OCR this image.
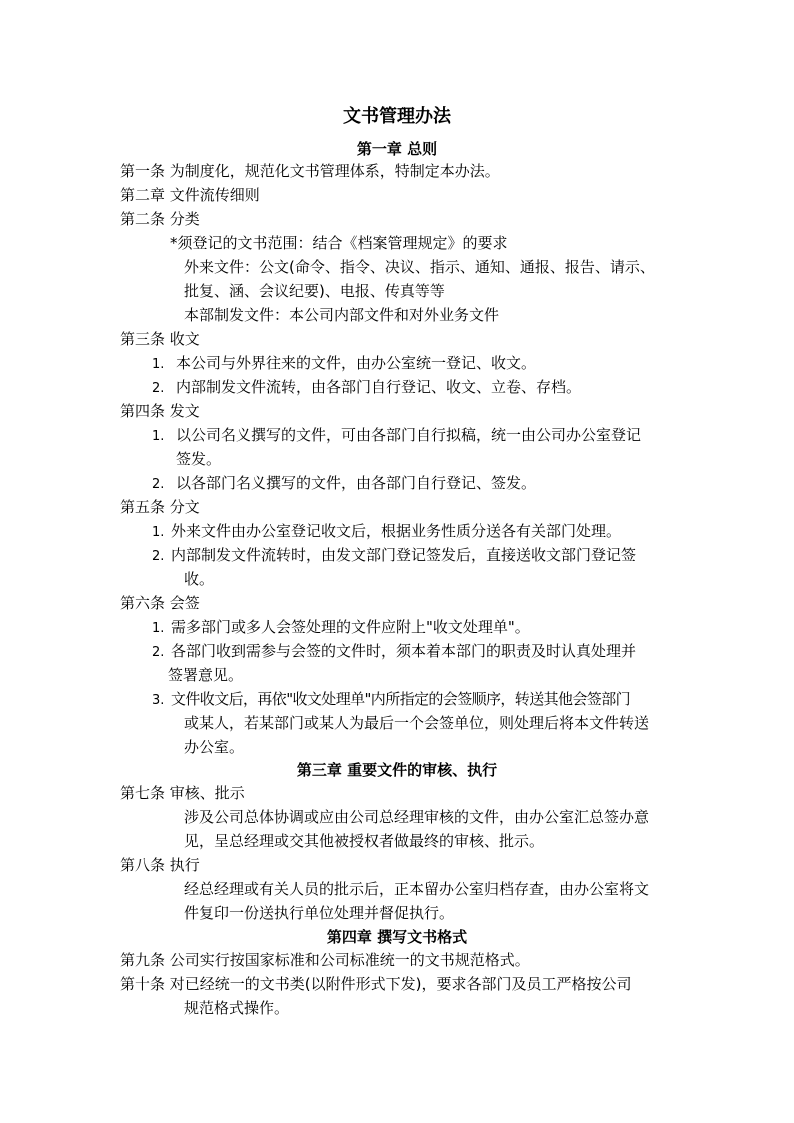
文书管理办法
第一章 总则
第一条 为制度化，规范化文书管理体系，特制定本办法。
第二章 文件流传细则
第二条 分类
*须登记的文书范围：结合《档案管理规定》的要求
外来文件：公文(命令、指令、决议、指示、通知、通报、报告、请示、
批复、涵、会议纪要)、电报、传真等等
本部制发文件：本公司内部文件和对外业务文件
第三条 收文
1. 本公司与外界往来的文件，由办公室统一登记、收文。
2. 内部制发文件流转，由各部门自行登记、收文、立卷、存档。
第四条 发文
1. 以公司名义撰写的文件，可由各部门自行拟稿，统一由公司办公室登记
签发。
2. 以各部门名义撰写的文件，由各部门自行登记、签发。
第五条 分文
1. 外来文件由办公室登记收文后，根据业务性质分送各有关部门处理。
2. 内部制发文件流转时，由发文部门登记签发后，直接送收文部门登记签
收。
第六条 会签
1. 需多部门或多人会签处理的文件应附上"收文处理单"。
2. 各部门收到需参与会签的文件时，须本着本部门的职责及时认真处理并
签署意见。
3. 文件收文后，再依"收文处理单"内所指定的会签顺序，转送其他会签部门
或某人，若某部门或某人为最后一个会签单位，则处理后将本文件转送
办公室。
第三章 重要文件的审核、执行
第七条 审核、批示
涉及公司总体协调或应由公司总经理审核的文件，由办公室汇总签办意
见，呈总经理或交其他被授权者做最终的审核、批示。
第八条 执行
经总经理或有关人员的批示后，正本留办公室归档存查，由办公室将文
件复印一份送执行单位处理并督促执行。
第四章 撰写文书格式
第九条 公司实行按国家标准和公司标准统一的文书规范格式。
第十条 对已经统一的文书类(以附件形式下发)，要求各部门及员工严格按公司
规范格式操作。
